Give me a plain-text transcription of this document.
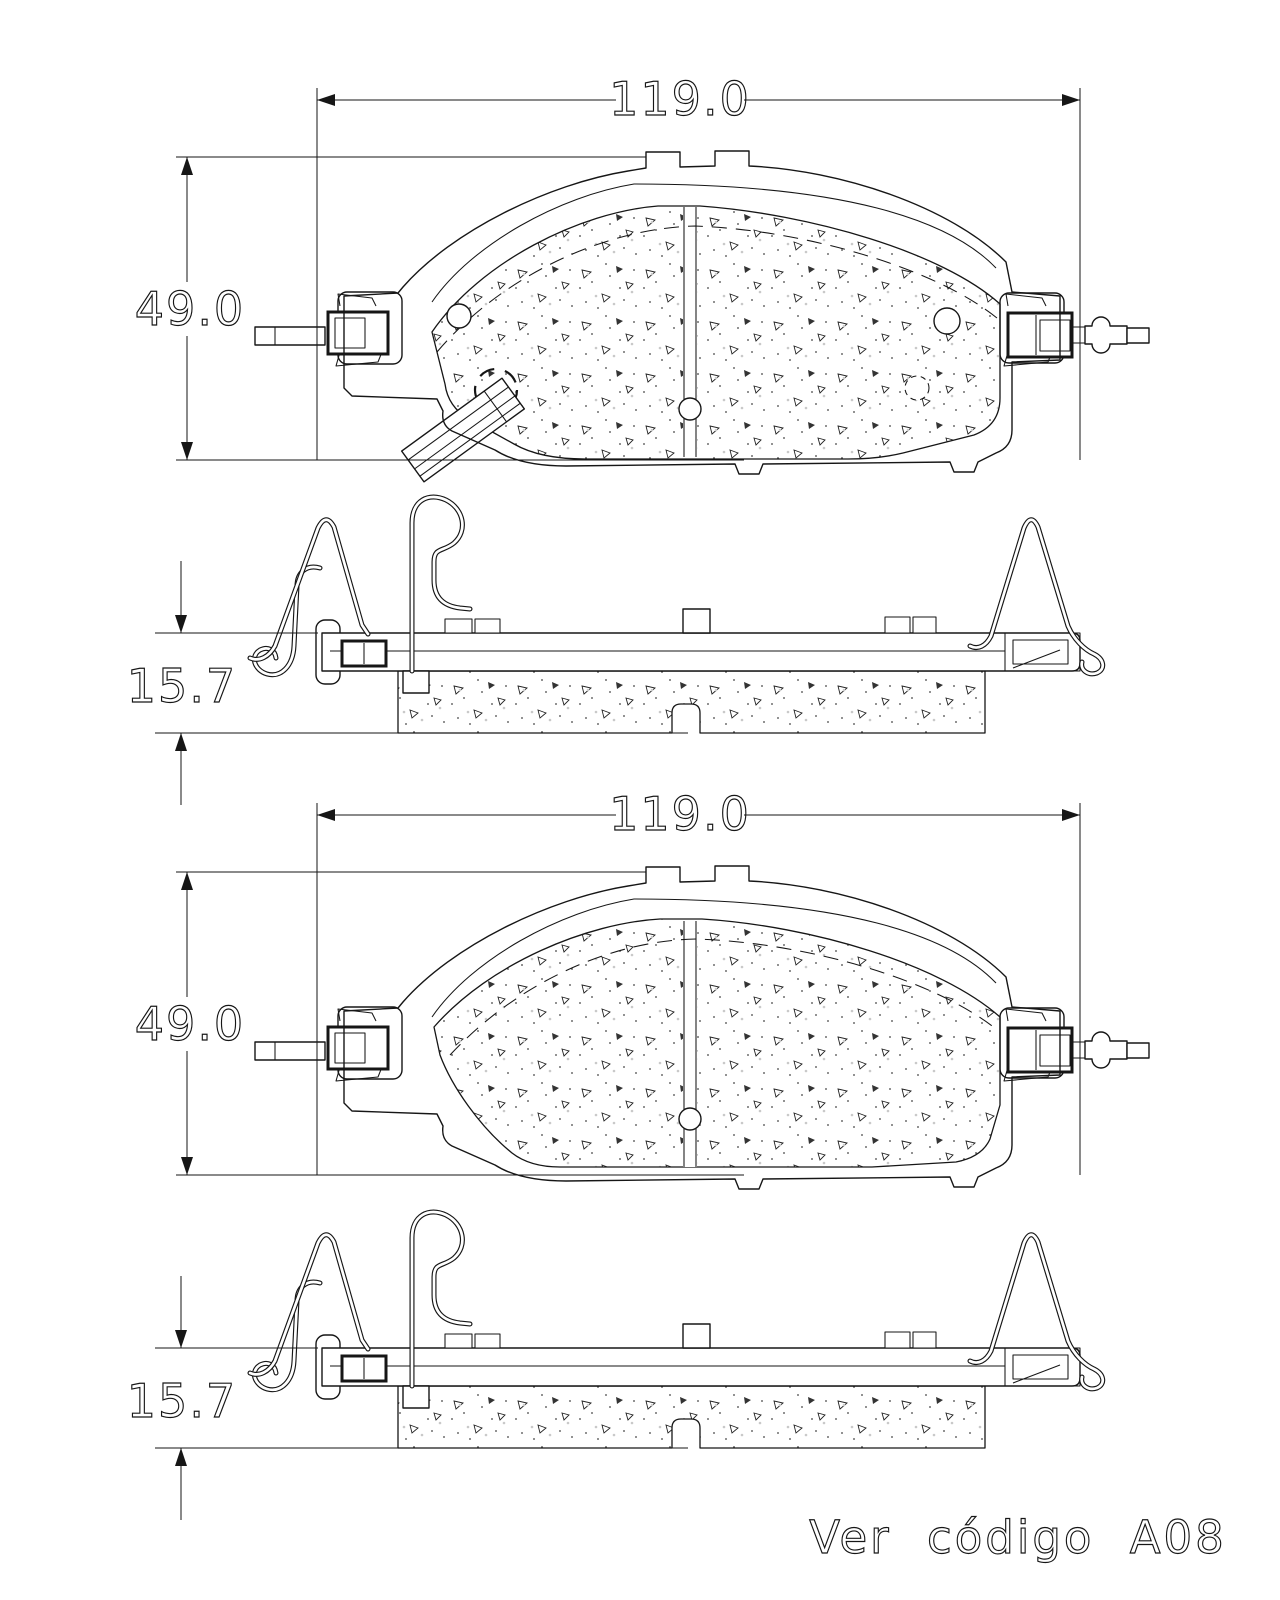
119.0
49.0
15.7
119.0
49.0
15.7
Ver código A08
